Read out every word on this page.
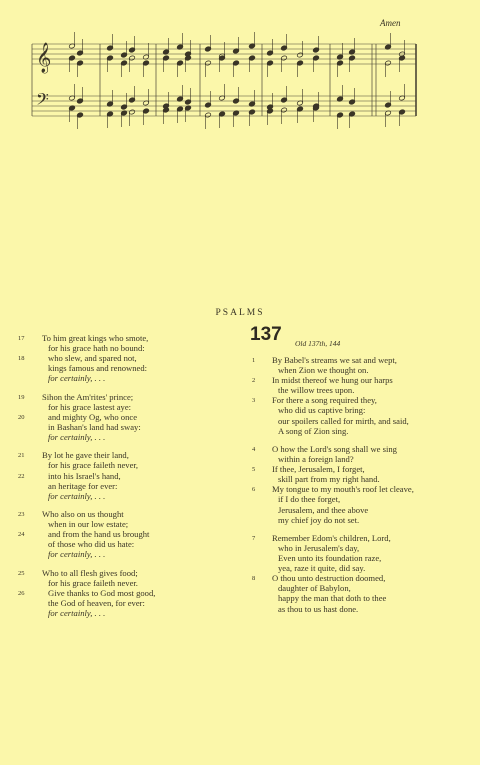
𝄞
𝄢
Amen
PSALMS
17	To him great kings who smote,
for his grace hath no bound:
18	who slew, and spared not,
kings famous and renowned:
for certainly, . . .
19	Sihon the Am'rites' prince;
for his grace lastest aye:
20	and mighty Og, who once
in Bashan's land had sway:
for certainly, . . .
21	By lot he gave their land,
for his grace faileth never,
22	into his Israel's hand,
an heritage for ever:
for certainly, . . .
23	Who also on us thought
when in our low estate;
24	and from the hand us brought
of those who did us hate:
for certainly, . . .
25	Who to all flesh gives food;
for his grace faileth never.
26	Give thanks to God most good,
the God of heaven, for ever:
for certainly, . . .
137 Old 137th, 144
1	By Babel's streams we sat and wept,
when Zion we thought on.
2	In midst thereof we hung our harps
the willow trees upon.
3	For there a song required they,
who did us captive bring:
our spoilers called for mirth, and said,
A song of Zion sing.
4	O how the Lord's song shall we sing
within a foreign land?
5	If thee, Jerusalem, I forget,
skill part from my right hand.
6	My tongue to my mouth's roof let cleave,
if I do thee forget,
Jerusalem, and thee above
my chief joy do not set.
7	Remember Edom's children, Lord,
who in Jerusalem's day,
Even unto its foundation raze,
yea, raze it quite, did say.
8	O thou unto destruction doomed,
daughter of Babylon,
happy the man that doth to thee
as thou to us hast done.
